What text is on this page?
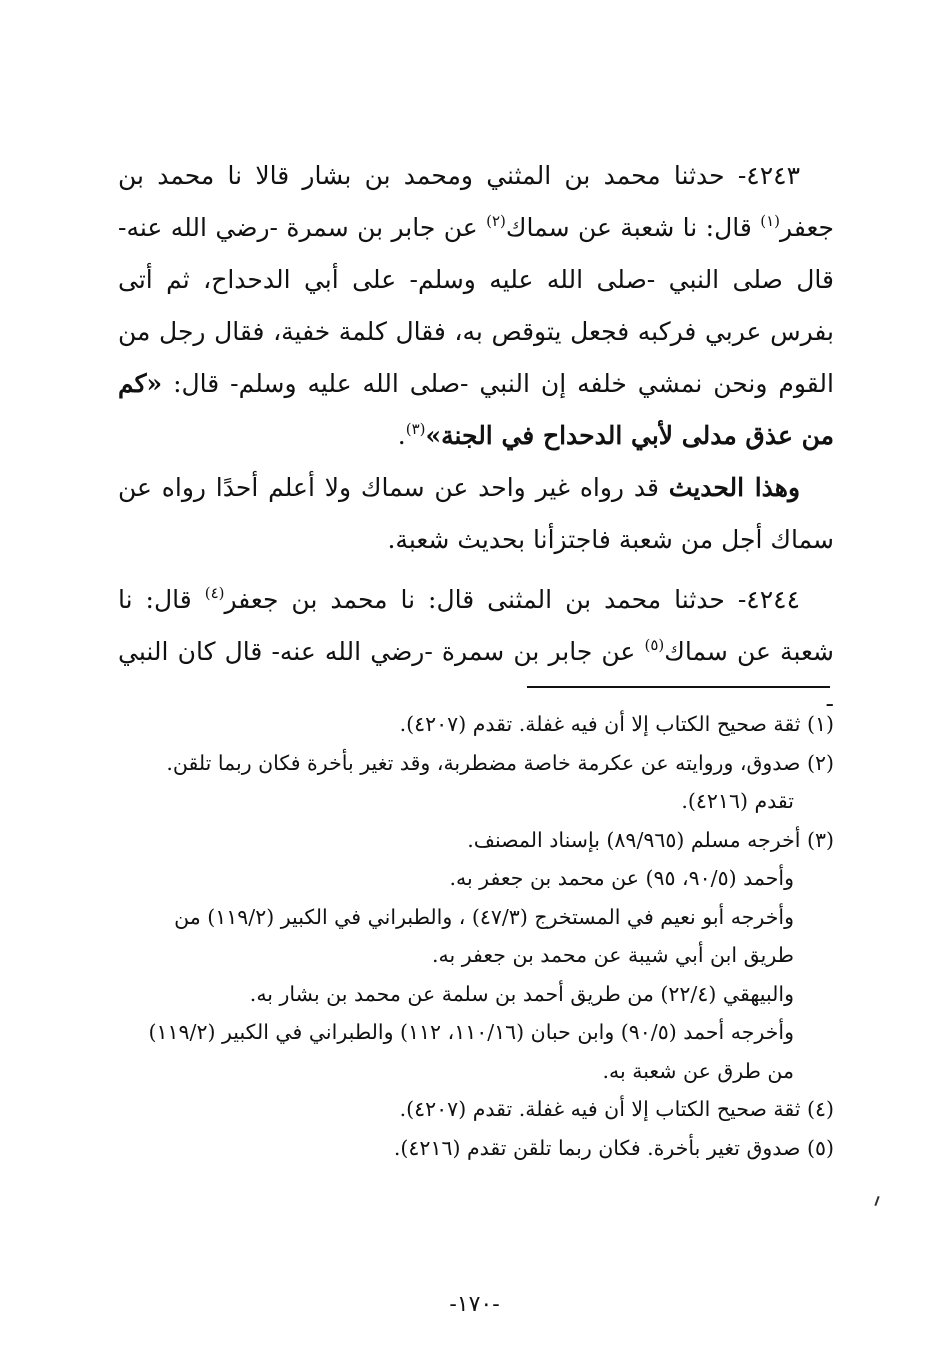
٤٢٤٣- حدثنا محمد بن المثني ومحمد بن بشار قالا نا محمد بن جعفر$^{(١)}$ قال: نا شعبة عن سماك$^{(٢)}$ عن جابر بن سمرة -رضي الله عنه- قال صلى النبي -صلى الله عليه وسلم- على أبي الدحداح، ثم أتى بفرس عربي فركبه فجعل يتوقص به، فقال كلمة خفية، فقال رجل من القوم ونحن نمشي خلفه إن النبي -صلى الله عليه وسلم- قال: «كم من عذق مدلى لأبي الدحداح في الجنة»$^{(٣)}$.

وهذا الحديث قد رواه غير واحد عن سماك ولا أعلم أحدًا رواه عن سماك أجل من شعبة فاجتزأنا بحديث شعبة.

٤٢٤٤- حدثنا محمد بن المثنى قال: نا محمد بن جعفر$^{(٤)}$ قال: نا شعبة عن سماك$^{(٥)}$ عن جابر بن سمرة -رضي الله عنه- قال كان النبي -

(١) ثقة صحيح الكتاب إلا أن فيه غفلة. تقدم (٤٢٠٧).

(٢) صدوق، وروايته عن عكرمة خاصة مضطربة، وقد تغير بأخرة فكان ربما تلقن.

تقدم (٤٢١٦).

(٣) أخرجه مسلم (٨٩/٩٦٥) بإسناد المصنف.

وأحمد (٩٠/٥، ٩٥) عن محمد بن جعفر به.

وأخرجه أبو نعيم في المستخرج (٤٧/٣) ، والطبراني في الكبير (١١٩/٢) من طريق ابن أبي شيبة عن محمد بن جعفر به.

والبيهقي (٢٢/٤) من طريق أحمد بن سلمة عن محمد بن بشار به.

وأخرجه أحمد (٩٠/٥) وابن حبان (١١٠/١٦، ١١٢) والطبراني في الكبير (١١٩/٢) من طرق عن شعبة به.

(٤) ثقة صحيح الكتاب إلا أن فيه غفلة. تقدم (٤٢٠٧).

(٥) صدوق تغير بأخرة. فكان ربما تلقن تقدم (٤٢١٦).

-١٧٠-
